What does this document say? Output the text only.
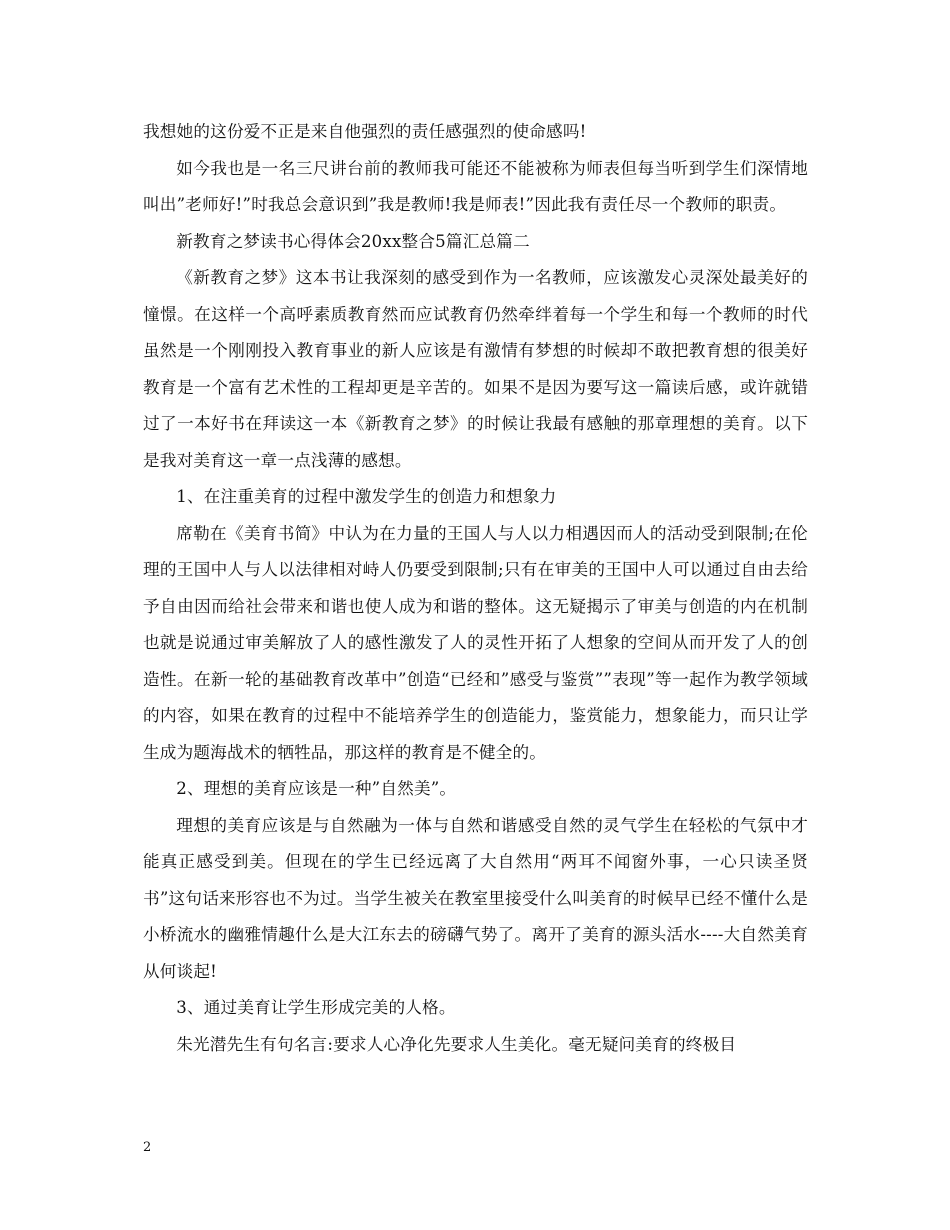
我想她的这份爱不正是来自他强烈的责任感强烈的使命感吗!

如今我也是一名三尺讲台前的教师我可能还不能被称为师表但每当听到学生们深情地叫出”老师好!”时我总会意识到”我是教师!我是师表!”因此我有责任尽一个教师的职责。

新教育之梦读书心得体会20xx整合5篇汇总篇二

《新教育之梦》这本书让我深刻的感受到作为一名教师，应该激发心灵深处最美好的憧憬。在这样一个高呼素质教育然而应试教育仍然牵绊着每一个学生和每一个教师的时代虽然是一个刚刚投入教育事业的新人应该是有激情有梦想的时候却不敢把教育想的很美好教育是一个富有艺术性的工程却更是辛苦的。如果不是因为要写这一篇读后感，或许就错过了一本好书在拜读这一本《新教育之梦》的时候让我最有感触的那章理想的美育。以下是我对美育这一章一点浅薄的感想。

1、在注重美育的过程中激发学生的创造力和想象力

席勒在《美育书简》中认为在力量的王国人与人以力相遇因而人的活动受到限制;在伦理的王国中人与人以法律相对峙人仍要受到限制;只有在审美的王国中人可以通过自由去给予自由因而给社会带来和谐也使人成为和谐的整体。这无疑揭示了审美与创造的内在机制也就是说通过审美解放了人的感性激发了人的灵性开拓了人想象的空间从而开发了人的创造性。在新一轮的基础教育改革中”创造“已经和”感受与鉴赏””表现”等一起作为教学领域的内容，如果在教育的过程中不能培养学生的创造能力，鉴赏能力，想象能力，而只让学生成为题海战术的牺牲品，那这样的教育是不健全的。

2、理想的美育应该是一种”自然美”。

理想的美育应该是与自然融为一体与自然和谐感受自然的灵气学生在轻松的气氛中才能真正感受到美。但现在的学生已经远离了大自然用“两耳不闻窗外事，一心只读圣贤书”这句话来形容也不为过。当学生被关在教室里接受什么叫美育的时候早已经不懂什么是小桥流水的幽雅情趣什么是大江东去的磅礴气势了。离开了美育的源头活水----大自然美育从何谈起!

3、通过美育让学生形成完美的人格。

朱光潜先生有句名言:要求人心净化先要求人生美化。毫无疑问美育的终极目

2
